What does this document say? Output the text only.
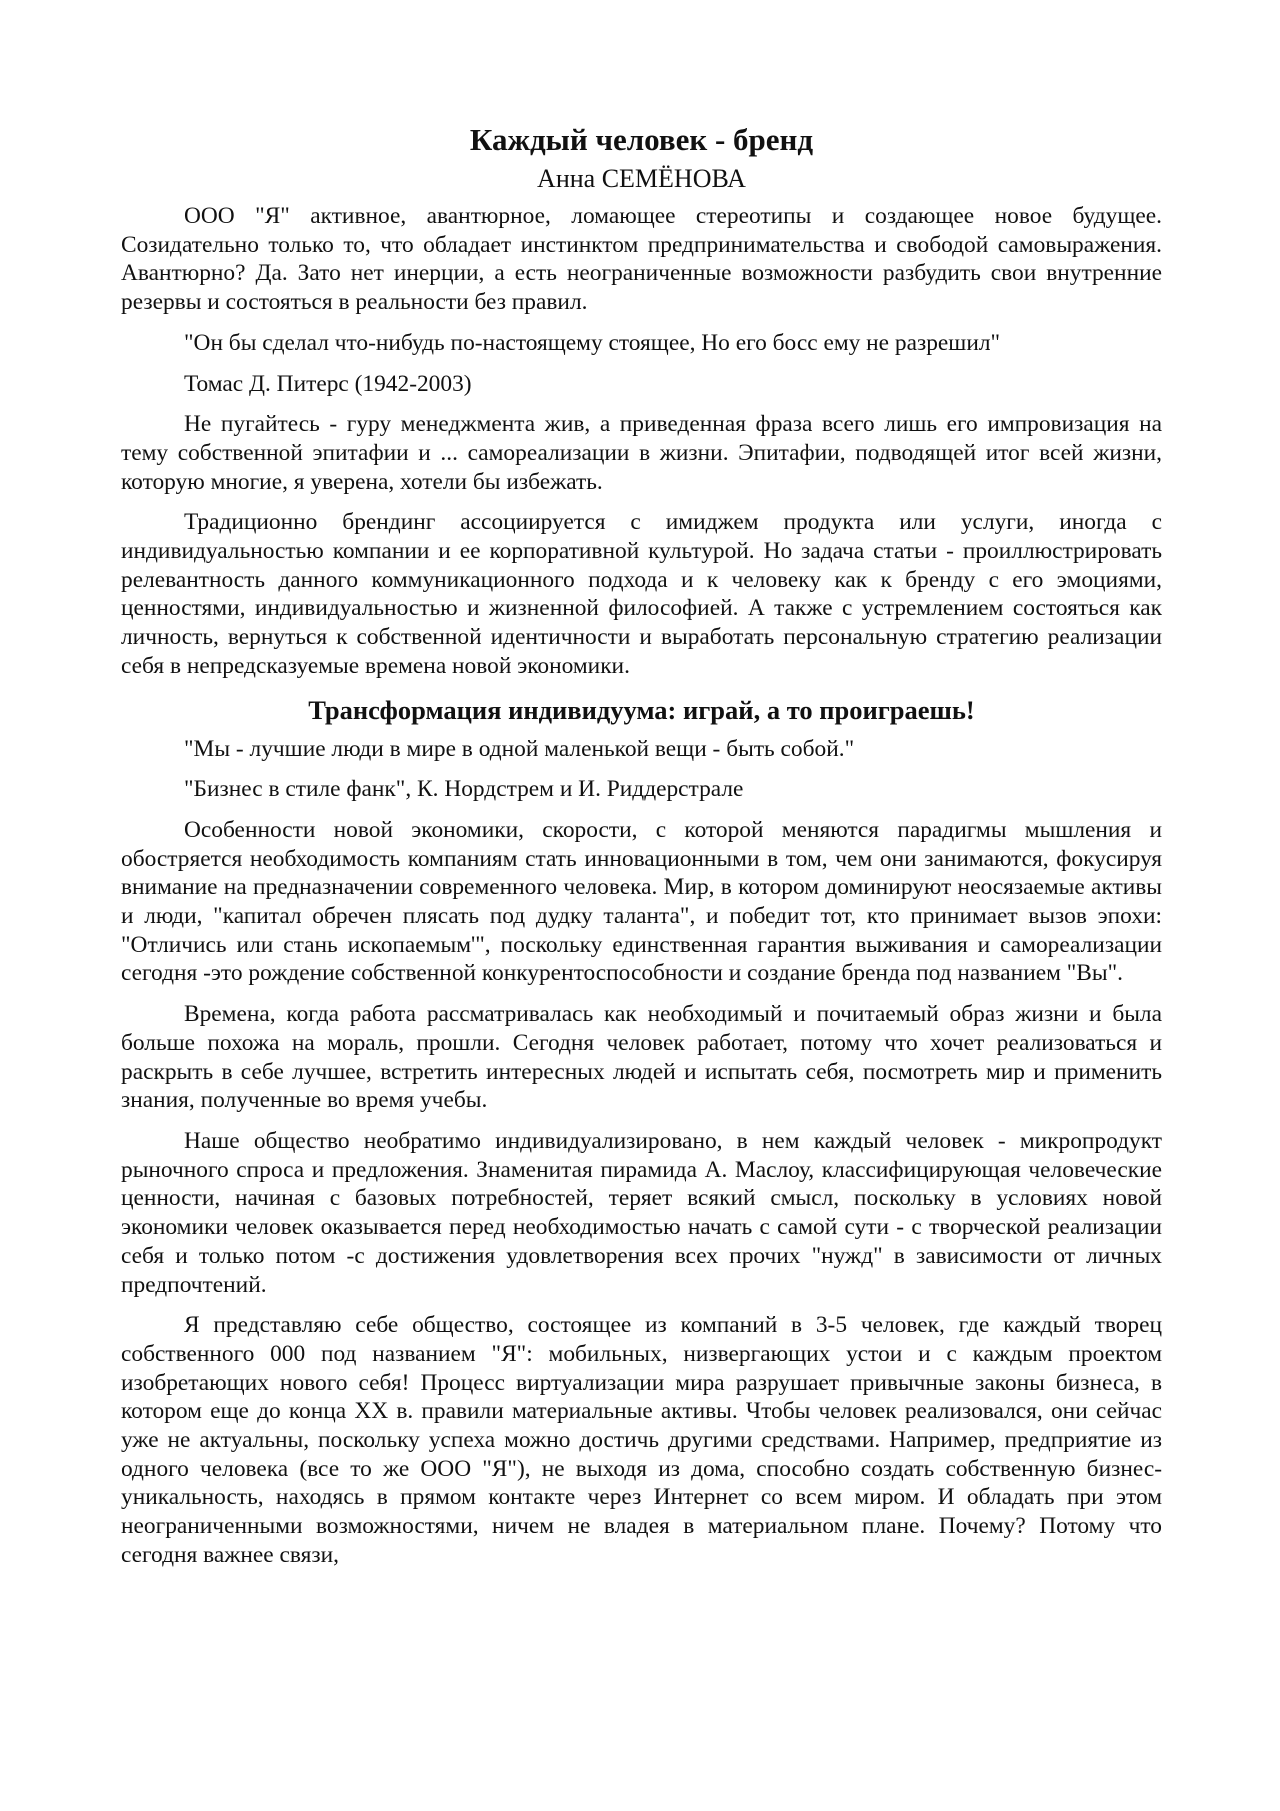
Каждый человек - бренд
Анна СЕМЁНОВА

ООО "Я" активное, авантюрное, ломающее стереотипы и создающее новое будущее. Созидательно только то, что обладает инстинктом предпринимательства и свободой самовыражения. Авантюрно? Да. Зато нет инерции, а есть неограниченные возможности разбудить свои внутренние резервы и состояться в реальности без правил.

"Он бы сделал что-нибудь по-настоящему стоящее, Но его босс ему не разрешил"

Томас Д. Питерс (1942-2003)

Не пугайтесь - гуру менеджмента жив, а приведенная фраза всего лишь его импровизация на тему собственной эпитафии и ... самореализации в жизни. Эпитафии, подводящей итог всей жизни, которую многие, я уверена, хотели бы избежать.

Традиционно брендинг ассоциируется с имиджем продукта или услуги, иногда с индивидуальностью компании и ее корпоративной культурой. Но задача статьи - проиллюстрировать релевантность данного коммуникационного подхода и к человеку как к бренду с его эмоциями, ценностями, индивидуальностью и жизненной философией. А также с устремлением состояться как личность, вернуться к собственной идентичности и выработать персональную стратегию реализации себя в непредсказуемые времена новой экономики.

Трансформация индивидуума: играй, а то проиграешь!

"Мы - лучшие люди в мире в одной маленькой вещи - быть собой."

"Бизнес в стиле фанк", К. Нордстрем и И. Риддерстрале

Особенности новой экономики, скорости, с которой меняются парадигмы мышления и обостряется необходимость компаниям стать инновационными в том, чем они занимаются, фокусируя внимание на предназначении современного человека. Мир, в котором доминируют неосязаемые активы и люди, "капитал обречен плясать под дудку таланта", и победит тот, кто принимает вызов эпохи: "Отличись или стань ископаемым'", поскольку единственная гарантия выживания и самореализации сегодня -это рождение собственной конкурентоспособности и создание бренда под названием "Вы".

Времена, когда работа рассматривалась как необходимый и почитаемый образ жизни и была больше похожа на мораль, прошли. Сегодня человек работает, потому что хочет реализоваться и раскрыть в себе лучшее, встретить интересных людей и испытать себя, посмотреть мир и применить знания, полученные во время учебы.

Наше общество необратимо индивидуализировано, в нем каждый человек - микропродукт рыночного спроса и предложения. Знаменитая пирамида А. Маслоу, классифицирующая человеческие ценности, начиная с базовых потребностей, теряет всякий смысл, поскольку в условиях новой экономики человек оказывается перед необходимостью начать с самой сути - с творческой реализации себя и только потом -с достижения удовлетворения всех прочих "нужд" в зависимости от личных предпочтений.

Я представляю себе общество, состоящее из компаний в 3-5 человек, где каждый творец собственного 000 под названием "Я": мобильных, низвергающих устои и с каждым проектом изобретающих нового себя! Процесс виртуализации мира разрушает привычные законы бизнеса, в котором еще до конца XX в. правили материальные активы. Чтобы человек реализовался, они сейчас уже не актуальны, поскольку успеха можно достичь другими средствами. Например, предприятие из одного человека (все то же ООО "Я"), не выходя из дома, способно создать собственную бизнес-уникальность, находясь в прямом контакте через Интернет со всем миром. И обладать при этом неограниченными возможностями, ничем не владея в материальном плане. Почему? Потому что сегодня важнее связи,
